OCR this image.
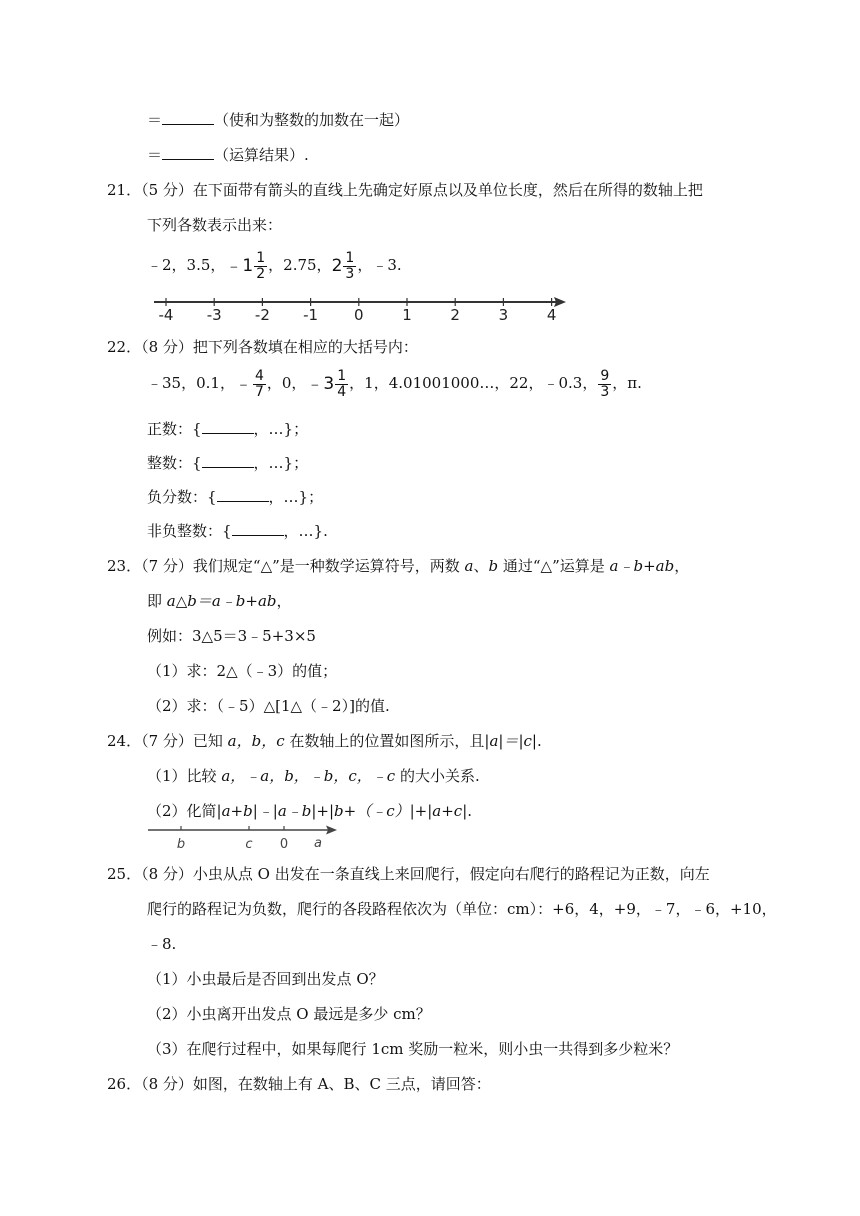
＝	（使和为整数的加数在一起）
＝	（运算结果）.
21．（5 分）在下面带有箭头的直线上先确定好原点以及单位长度，然后在所得的数轴上把
下列各数表示出来：
﹣2，3.5， ﹣1 $\frac{1}{2}$ ，2.75， $2 \frac{1}{3}$ ，﹣3.
-4 -3 -2 -1 0	1	2	3	4
22．（8 分）把下列各数填在相应的大括号内：
﹣35，0.1， ﹣ $\frac{4}{7}$ ，0， ﹣3 $\frac{1}{4}$ ，1，4.01001000…，22，﹣0.3， $\frac{9}{3}$ ，π.
正数：{	，…}；
整数：{	，…}；
负分数：{	，…}；
非负整数：{	，…}.
23．（7 分）我们规定“△”是一种数学运算符号，两数 a、b 通过“△”运算是 a﹣b+ab，
即 a△b＝a﹣b+ab，
例如：3△5＝3﹣5+3×5
（1）求：2△（﹣3）的值；
（2）求：（﹣5）△[1△（﹣2）]的值.
24．（7 分）已知 a，b，c 在数轴上的位置如图所示，且|a|＝|c|.
（1）比较 a，﹣a，b，﹣b，c，﹣c 的大小关系.
（2）化简|a+b|﹣|a﹣b|+|b+（﹣c）|+|a+c|.
b	c 0 a
25．（8 分）小虫从点 O 出发在一条直线上来回爬行，假定向右爬行的路程记为正数，向左
爬行的路程记为负数，爬行的各段路程依次为（单位：cm）：+6，4，+9，﹣7，﹣6，+10，
﹣8.
（1）小虫最后是否回到出发点 O？
（2）小虫离开出发点 O 最远是多少 cm？
（3）在爬行过程中，如果每爬行 1cm 奖励一粒米，则小虫一共得到多少粒米？
26．（8 分）如图，在数轴上有 A、B、C 三点，请回答：
